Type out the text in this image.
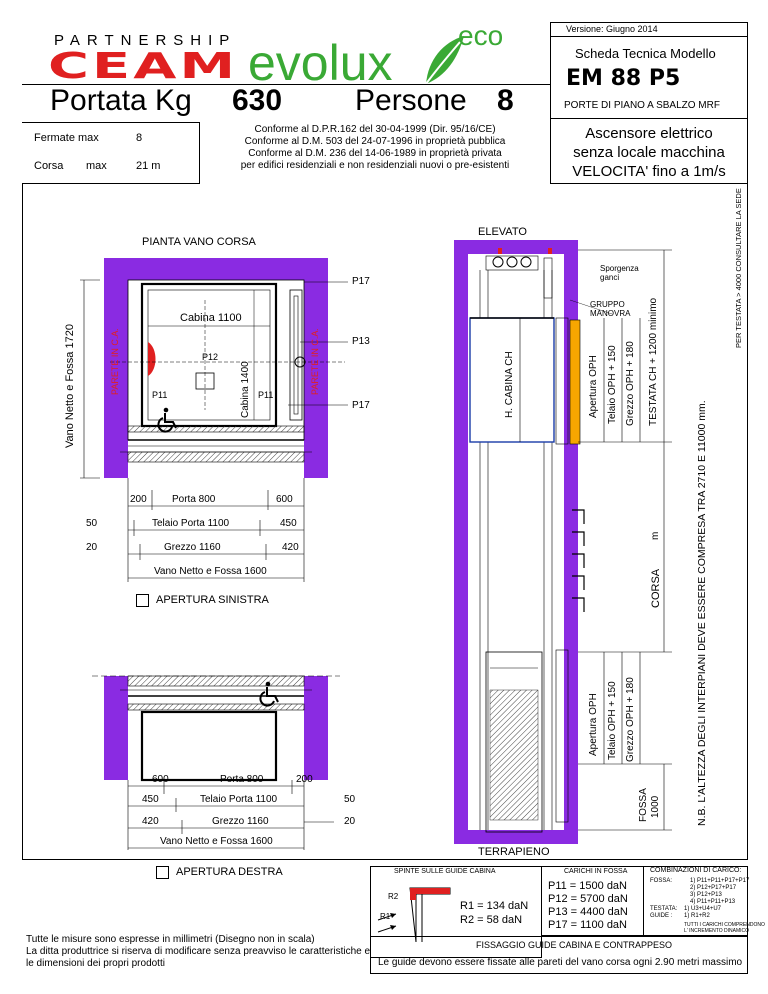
PARTNERSHIP
CEAM evolux eco
Portata Kg 630 Persone 8
Versione: Giugno 2014
Scheda Tecnica Modello
EM 88 P5
PORTE DI PIANO A SBALZO MRF
Ascensore elettrico
senza locale macchina
VELOCITA' fino a 1m/s
Fermate max	8
Corsa max	21 m
Conforme al D.P.R.162 del 30-04-1999 (Dir. 95/16/CE)
Conforme al D.M. 503 del 24-07-1996 in proprietà pubblica
Conforme al D.M. 236 del 14-06-1989 in proprietà privata
per edifici residenziali e non residenziali nuovi o pre-esistenti
PIANTA VANO CORSA
Vano Netto e Fossa 1720	PARETE IN C.A.	PARETE IN C.A.
Cabina 1100
Cabina 1400
P17
P13
P17
P12
P11	P11
200	Porta 800	600
50	Telaio Porta 1100	450
20	Grezzo 1160	420
Vano Netto e Fossa 1600
APERTURA SINISTRA
600	Porta 800	200
450	Telaio Porta 1100	50
420	Grezzo 1160	20
Vano Netto e Fossa 1600
APERTURA DESTRA
ELEVATO
Sporgenza
ganci
GRUPPO
MANOVRA
H. CABINA CH	Apertura OPH Telaio OPH + 150 Grezzo OPH + 180 TESTATA CH + 1200 minimo
CORSA
m
Apertura OPH Telaio OPH + 150 Grezzo OPH + 180
FOSSA 1000
TERRAPIENO
N.B. L'ALTEZZA DEGLI INTERPIANI DEVE ESSERE COMPRESA TRA 2710 E 11000 mm.
PER TESTATA > 4000 CONSULTARE LA SEDE
SPINTE SULLE GUIDE CABINA
R2
R1
R1 = 134 daN
R2 = 58 daN
CARICHI IN FOSSA
P11 = 1500 daN
P12 = 5700 daN
P13 = 4400 daN
P17 = 1100 daN
COMBINAZIONI DI CARICO:
FOSSA:	1) P11+P11+P17+P17
2) P12+P17+P17
3) P12+P13
4) P11+P11+P13
TESTATA: 1) U3+U4+U7
GUIDE : 1) R1+R2
TUTTI I CARICHI COMPRENDONO
L' INCREMENTO DINAMICO
FISSAGGIO GUIDE CABINA E CONTRAPPESO
Le guide devono essere fissate alle pareti del vano corsa ogni 2.90 metri massimo
Tutte le misure sono espresse in millimetri (Disegno non in scala)
La ditta produttrice si riserva di modificare senza preavviso le caratteristiche e
le dimensioni dei propri prodotti
